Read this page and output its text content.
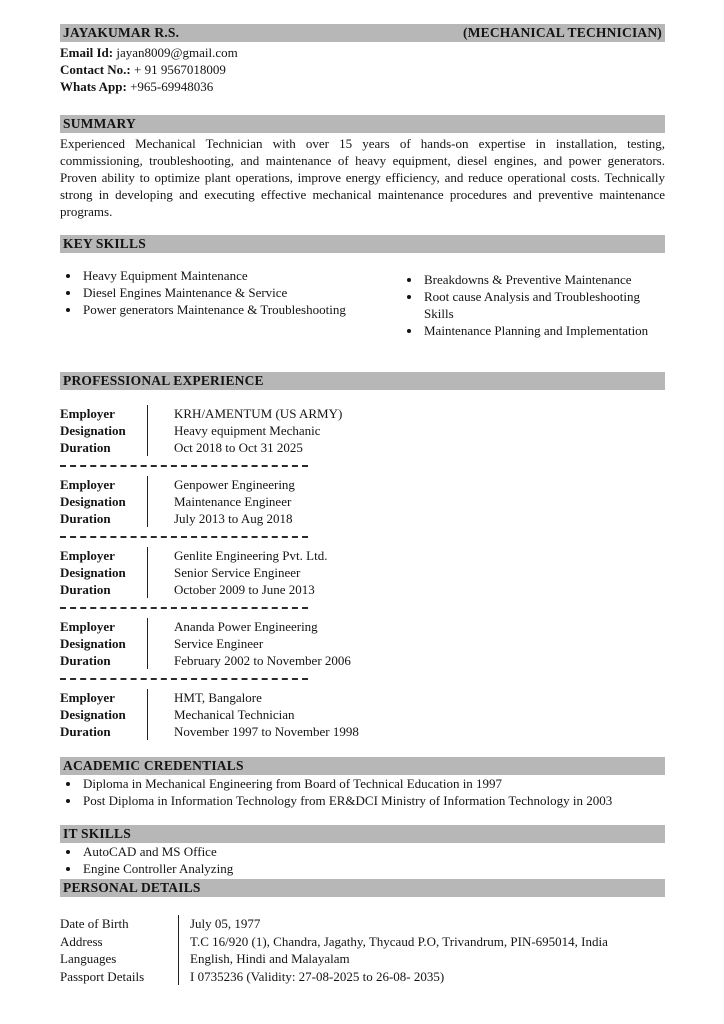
JAYAKUMAR R.S.	(MECHANICAL TECHNICIAN)
Email Id: jayan8009@gmail.com
Contact No.: + 91 9567018009
Whats App: +965-69948036
SUMMARY

Experienced Mechanical Technician with over 15 years of hands-on expertise in installation, testing, commissioning, troubleshooting, and maintenance of heavy equipment, diesel engines, and power generators. Proven ability to optimize plant operations, improve energy efficiency, and reduce operational costs. Technically strong in developing and executing effective mechanical maintenance procedures and preventive maintenance programs.

KEY SKILLS
• Heavy Equipment Maintenance
• Diesel Engines Maintenance & Service
• Power generators Maintenance & Troubleshooting
• Breakdowns & Preventive Maintenance
• Root cause Analysis and Troubleshooting Skills
• Maintenance Planning and Implementation
PROFESSIONAL EXPERIENCE
Employer
Designation
Duration
KRH/AMENTUM (US ARMY)
Heavy equipment Mechanic
Oct 2018 to Oct 31 2025
Employer
Designation
Duration
Genpower Engineering
Maintenance Engineer
July 2013 to Aug 2018
Employer
Designation
Duration
Genlite Engineering Pvt. Ltd.
Senior Service Engineer
October 2009 to June 2013
Employer
Designation
Duration
Ananda Power Engineering
Service Engineer
February 2002 to November 2006
Employer
Designation
Duration
HMT, Bangalore
Mechanical Technician
November 1997 to November 1998
ACADEMIC CREDENTIALS
• Diploma in Mechanical Engineering from Board of Technical Education in 1997
• Post Diploma in Information Technology from ER&DCI Ministry of Information Technology in 2003
IT SKILLS
• AutoCAD and MS Office
• Engine Controller Analyzing
PERSONAL DETAILS
Date of Birth
Address
Languages
Passport Details
July 05, 1977
T.C 16/920 (1), Chandra, Jagathy, Thycaud P.O, Trivandrum, PIN-695014, India
English, Hindi and Malayalam
I 0735236 (Validity: 27-08-2025 to 26-08- 2035)
